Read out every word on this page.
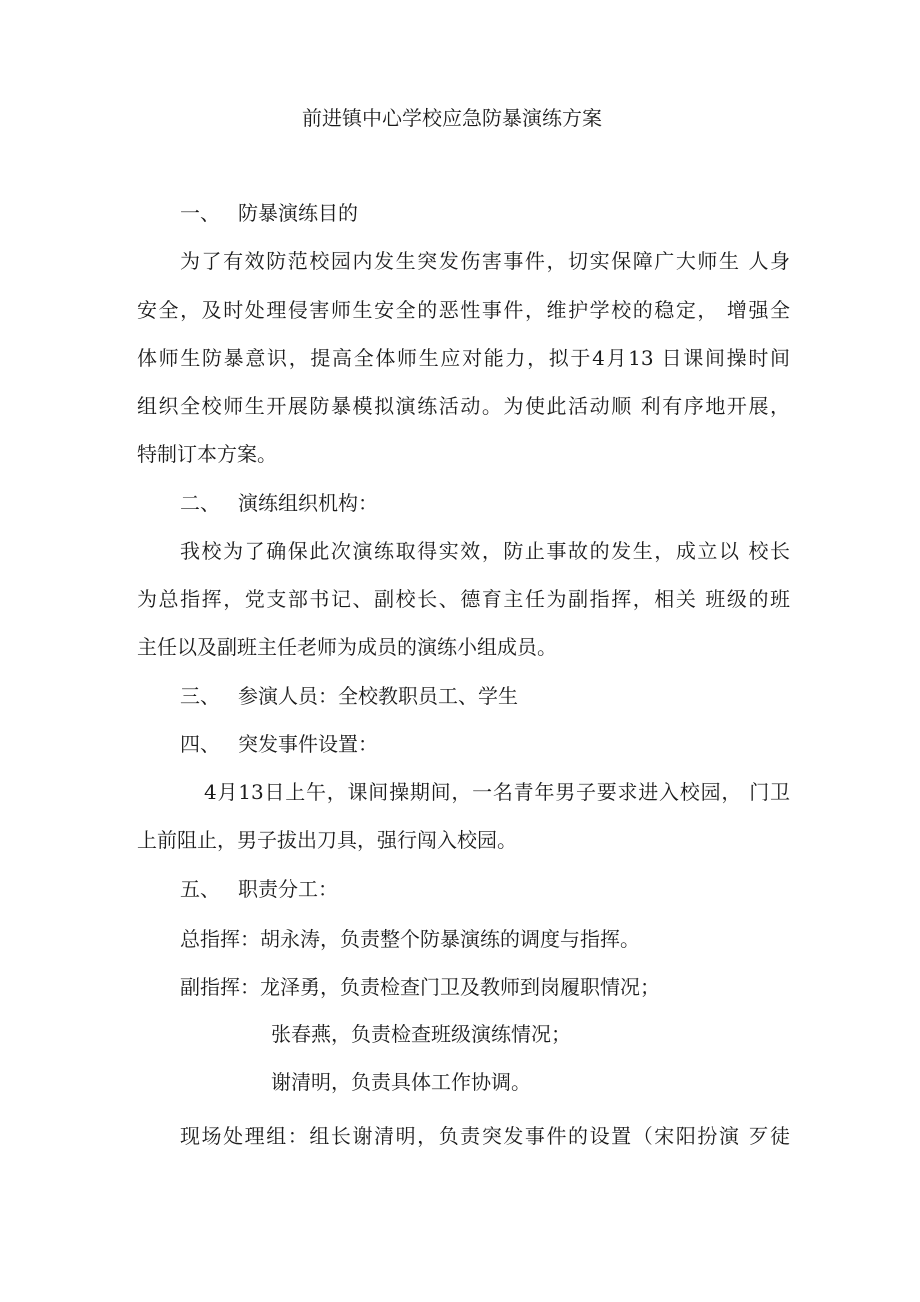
前进镇中心学校应急防暴演练方案
一、 防暴演练目的
为了有效防范校园内发生突发伤害事件，切实保障广大师生 人身
安全，及时处理侵害师生安全的恶性事件，维护学校的稳定， 增强全
体师生防暴意识，提高全体师生应对能力，拟于4月13 日课间操时间
组织全校师生开展防暴模拟演练活动。为使此活动顺 利有序地开展，
特制订本方案。
二、 演练组织机构：
我校为了确保此次演练取得实效，防止事故的发生，成立以 校长
为总指挥，党支部书记、副校长、德育主任为副指挥，相关 班级的班
主任以及副班主任老师为成员的演练小组成员。
三、 参演人员：全校教职员工、学生
四、 突发事件设置：
4月13日上午，课间操期间，一名青年男子要求进入校园， 门卫
上前阻止，男子拔出刀具，强行闯入校园。
五、 职责分工：
总指挥：胡永涛，负责整个防暴演练的调度与指挥。
副指挥：龙泽勇，负责检查门卫及教师到岗履职情况；
张春燕，负责检查班级演练情况；
谢清明，负责具体工作协调。
现场处理组：组长谢清明，负责突发事件的设置（宋阳扮演 歹徒
